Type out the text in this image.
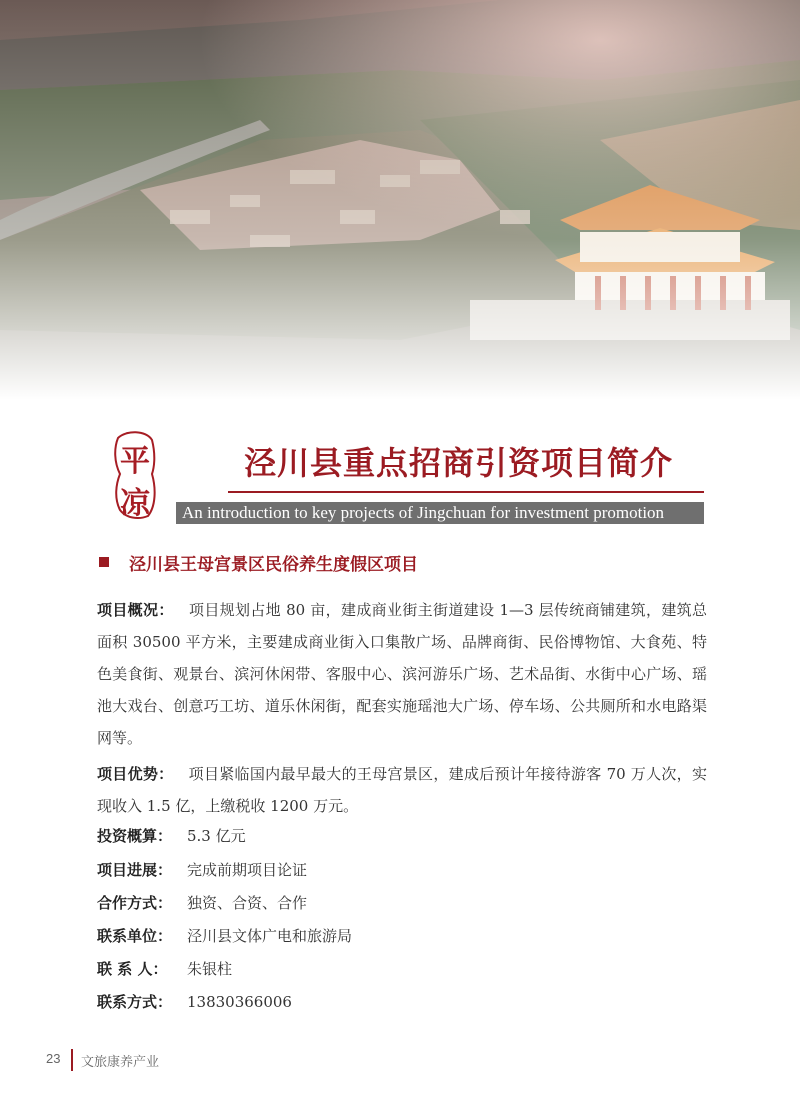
平
凉
泾川县重点招商引资项目简介
An introduction to key projects of Jingchuan for investment promotion
泾川县王母宫景区民俗养生度假区项目
项目概况： 项目规划占地 80 亩，建成商业街主街道建设 1—3 层传统商铺建筑，建筑总面积 30500 平方米，主要建成商业街入口集散广场、品牌商街、民俗博物馆、大食苑、特色美食街、观景台、滨河休闲带、客服中心、滨河游乐广场、艺术品街、水街中心广场、瑶池大戏台、创意巧工坊、道乐休闲街，配套实施瑶池大广场、停车场、公共厕所和水电路渠网等。
项目优势： 项目紧临国内最早最大的王母宫景区，建成后预计年接待游客 70 万人次，实现收入 1.5 亿，上缴税收 1200 万元。
投资概算： 5.3 亿元
项目进展： 完成前期项目论证
合作方式： 独资、合资、合作
联系单位： 泾川县文体广电和旅游局
联 系 人： 朱银柱
联系方式： 13830366006
23 文旅康养产业
